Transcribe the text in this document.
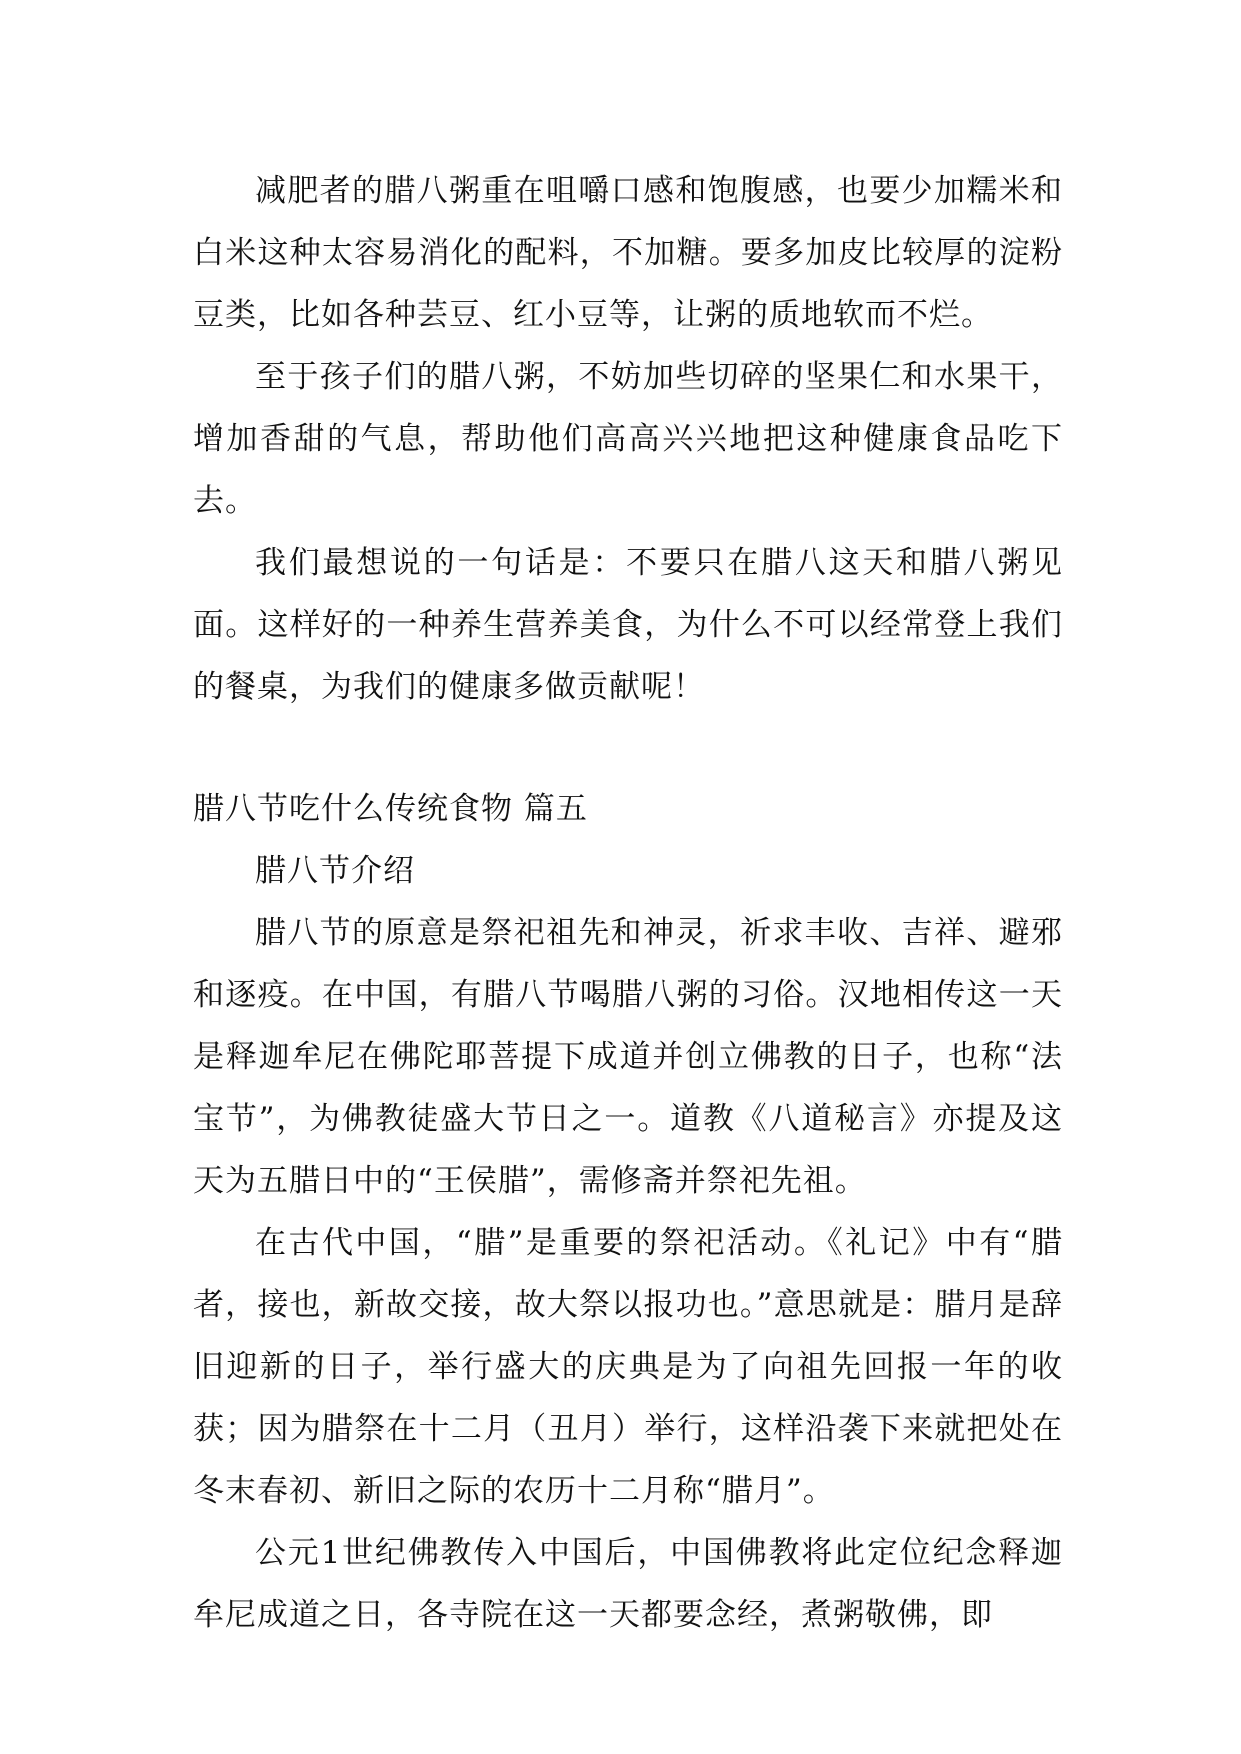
减肥者的腊八粥重在咀嚼口感和饱腹感，也要少加糯米和白米这种太容易消化的配料，不加糖。要多加皮比较厚的淀粉豆类，比如各种芸豆、红小豆等，让粥的质地软而不烂。

至于孩子们的腊八粥，不妨加些切碎的坚果仁和水果干，增加香甜的气息，帮助他们高高兴兴地把这种健康食品吃下去。

我们最想说的一句话是：不要只在腊八这天和腊八粥见面。这样好的一种养生营养美食，为什么不可以经常登上我们的餐桌，为我们的健康多做贡献呢！

腊八节吃什么传统食物 篇五

腊八节介绍

腊八节的原意是祭祀祖先和神灵，祈求丰收、吉祥、避邪和逐疫。在中国，有腊八节喝腊八粥的习俗。汉地相传这一天是释迦牟尼在佛陀耶菩提下成道并创立佛教的日子，也称“法宝节”，为佛教徒盛大节日之一。道教《八道秘言》亦提及这天为五腊日中的“王侯腊”，需修斋并祭祀先祖。

在古代中国，“腊”是重要的祭祀活动。《礼记》中有“腊者，接也，新故交接，故大祭以报功也。”意思就是：腊月是辞旧迎新的日子，举行盛大的庆典是为了向祖先回报一年的收获；因为腊祭在十二月（丑月）举行，这样沿袭下来就把处在冬末春初、新旧之际的农历十二月称“腊月”。

公元1世纪佛教传入中国后，中国佛教将此定位纪念释迦牟尼成道之日，各寺院在这一天都要念经，煮粥敬佛，即
